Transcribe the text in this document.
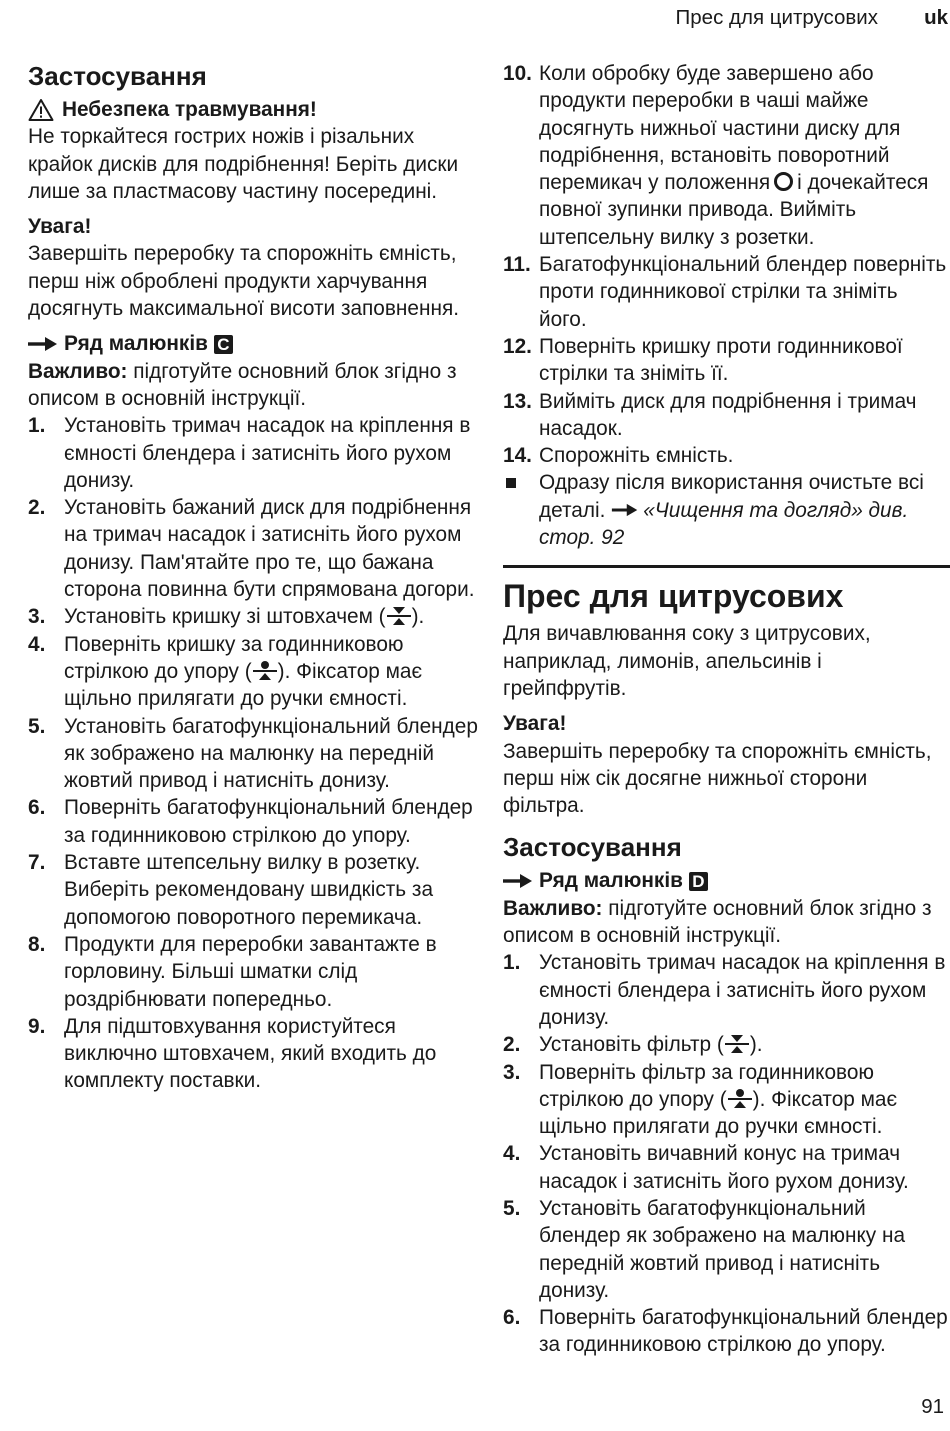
Прес для цитрусових uk
Застосування
Небезпека травмування!

Не торкайтеся гострих ножів і різальних крайок дисків для подрібнення! Беріть диски лише за пластмасову частину посередині.

Увага!

Завершіть переробку та спорожніть ємність, перш ніж оброблені продукти харчування досягнуть максимальної висоти заповнення.

Ряд малюнків C

Важливо: підготуйте основний блок згідно з описом в основній інструкції.

1. Установіть тримач насадок на кріплення в ємності блендера і затисніть його рухом донизу.
2. Установіть бажаний диск для подрібнення на тримач насадок і затисніть його рухом донизу. Пам'ятайте про те, що бажана сторона повинна бути спрямована догори.
3. Установіть кришку зі штовхачем ( ).
4. Поверніть кришку за годинниковою стрілкою до упору ( ). Фіксатор має щільно прилягати до ручки ємності.
5. Установіть багатофункціональний блендер як зображено на малюнку на передній жовтий привод і натисніть донизу.
6. Поверніть багатофункціональний блендер за годинниковою стрілкою до упору.
7. Вставте штепсельну вилку в розетку. Виберіть рекомендовану швидкість за допомогою поворотного перемикача.
8. Продукти для переробки завантажте в горловину. Більші шматки слід роздрібнювати попередньо.
9. Для підштовхування користуйтеся виключно штовхачем, який входить до комплекту поставки.
10. Коли обробку буде завершено або продукти переробки в чаші майже досягнуть нижньої частини диску для подрібнення, встановіть поворотний перемикач у положення і дочекайтеся повної зупинки привода. Вийміть штепсельну вилку з розетки.
11. Багатофункціональний блендер поверніть проти годинникової стрілки та зніміть його.
12. Поверніть кришку проти годинникової стрілки та зніміть її.
13. Вийміть диск для подрібнення і тримач насадок.
14. Спорожніть ємність.
Одразу після використання очистьте всі деталі. «Чищення та догляд» див. стор. 92
Прес для цитрусових

Для вичавлювання соку з цитрусових, наприклад, лимонів, апельсинів і грейпфрутів.

Увага!

Завершіть переробку та спорожніть ємність, перш ніж сік досягне нижньої сторони фільтра.

Застосування
Ряд малюнків D

Важливо: підготуйте основний блок згідно з описом в основній інструкції.

1. Установіть тримач насадок на кріплення в ємності блендера і затисніть його рухом донизу.
2. Установіть фільтр ( ).
3. Поверніть фільтр за годинниковою стрілкою до упору ( ). Фіксатор має щільно прилягати до ручки ємності.
4. Установіть вичавний конус на тримач насадок і затисніть його рухом донизу.
5. Установіть багатофункціональний блендер як зображено на малюнку на передній жовтий привод і натисніть донизу.
6. Поверніть багатофункціональний блендер за годинниковою стрілкою до упору.
91
